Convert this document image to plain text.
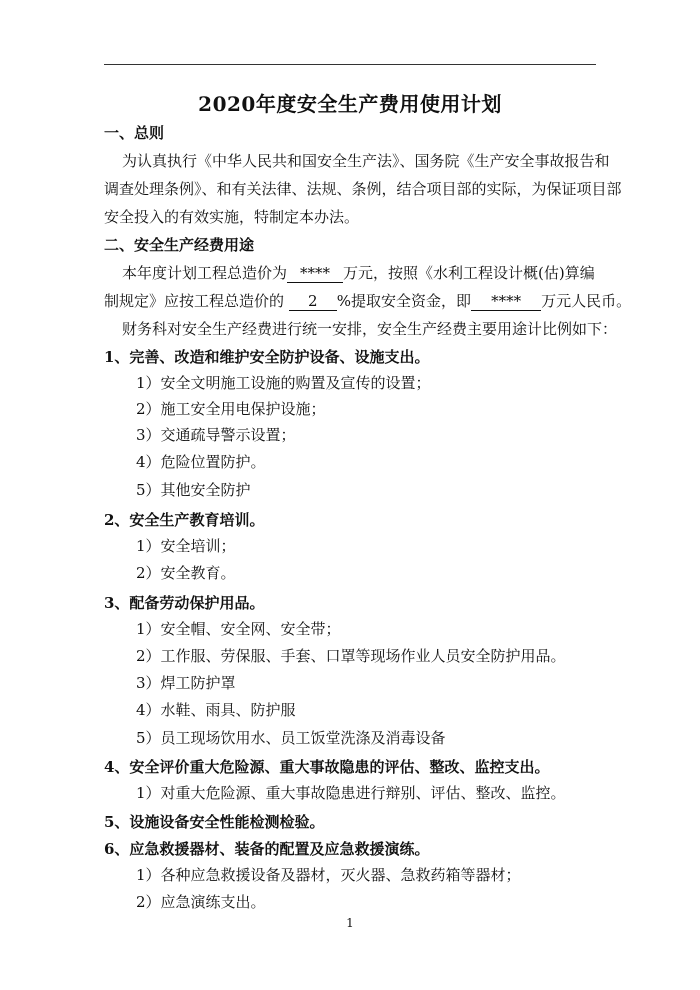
2020年度安全生产费用使用计划
一、总则
为认真执行《中华人民共和国安全生产法》、国务院《生产安全事故报告和
调查处理条例》、和有关法律、法规、条例，结合项目部的实际，为保证项目部
安全投入的有效实施，特制定本办法。
二、安全生产经费用途
本年度计划工程总造价为 **** 万元，按照《水利工程设计概(估)算编
制规定》应按工程总造价的 2 %提取安全资金，即 **** 万元人民币。
财务科对安全生产经费进行统一安排，安全生产经费主要用途计比例如下：
1、完善、改造和维护安全防护设备、设施支出。
1）安全文明施工设施的购置及宣传的设置；
2）施工安全用电保护设施；
3）交通疏导警示设置；
4）危险位置防护。
5）其他安全防护
2、安全生产教育培训。
1）安全培训；
2）安全教育。
3、配备劳动保护用品。
1）安全帽、安全网、安全带；
2）工作服、劳保服、手套、口罩等现场作业人员安全防护用品。
3）焊工防护罩
4）水鞋、雨具、防护服
5）员工现场饮用水、员工饭堂洗涤及消毒设备
4、安全评价重大危险源、重大事故隐患的评估、整改、监控支出。
1）对重大危险源、重大事故隐患进行辩别、评估、整改、监控。
5、设施设备安全性能检测检验。
6、应急救援器材、装备的配置及应急救援演练。
1）各种应急救援设备及器材，灭火器、急救药箱等器材；
2）应急演练支出。
1
